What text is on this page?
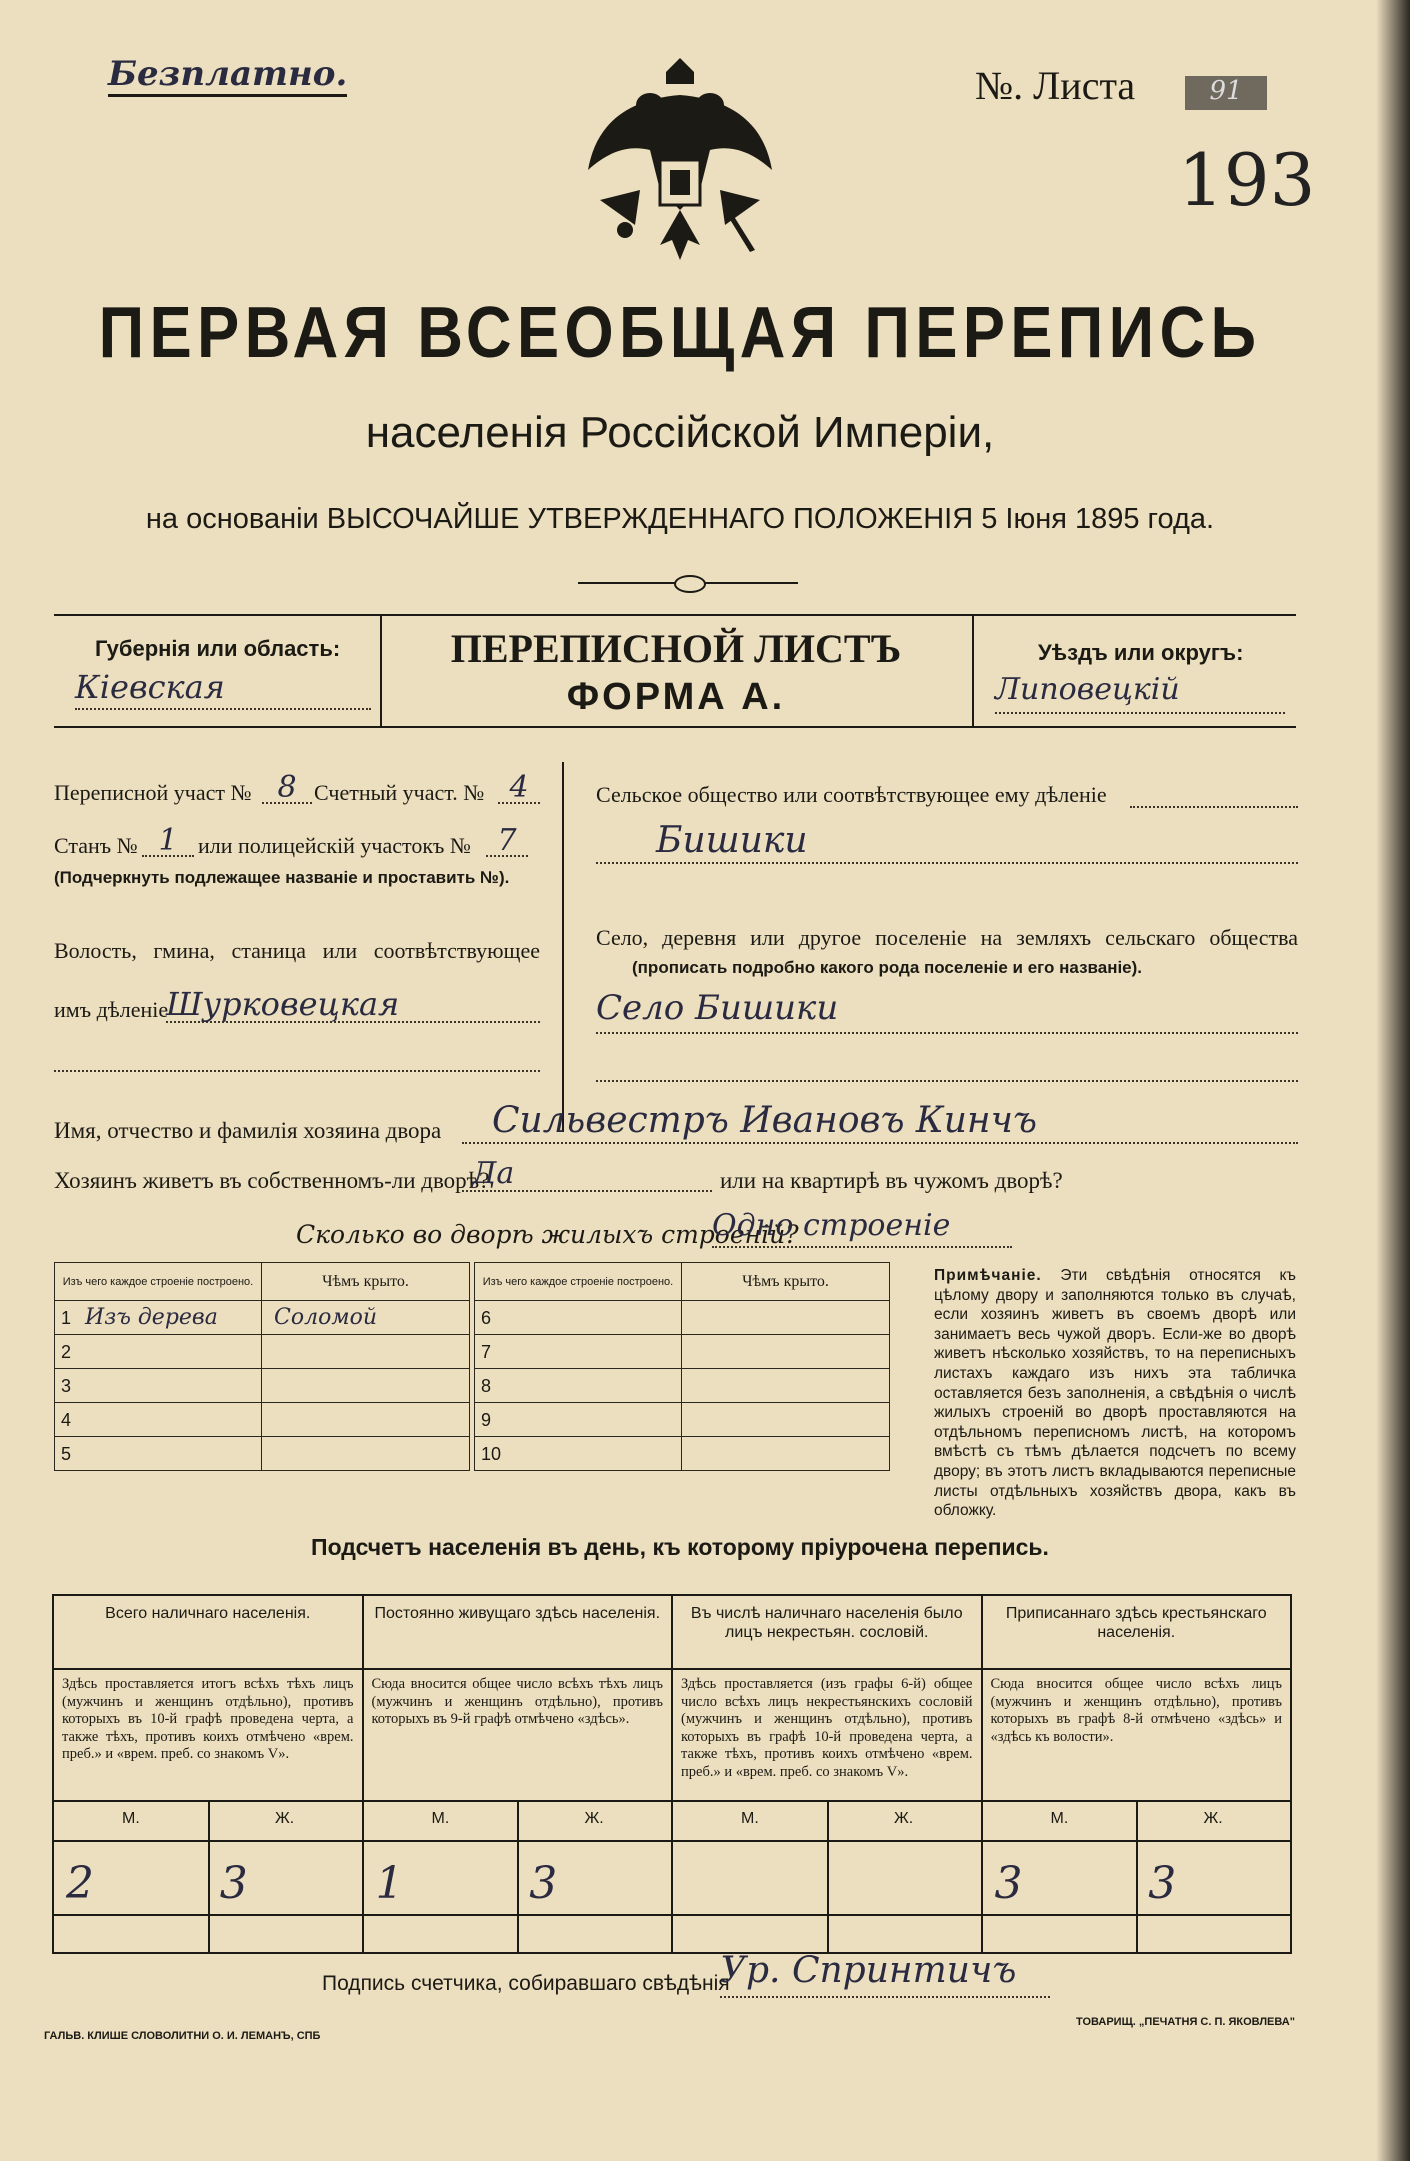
Безплатно.	№. Листа	91
193
ПЕРВАЯ ВСЕОБЩАЯ ПЕРЕПИСЬ
населенія Россійской Имперіи,
на основаніи ВЫСОЧАЙШЕ УТВЕРЖДЕННАГО ПОЛОЖЕНІЯ 5 Іюня 1895 года.
Губернія или область:
Кіевская
ПЕРЕПИСНОЙ ЛИСТЪ
ФОРМА А.
Уѣздъ или округъ:
Липовецкій
Переписной участ № 8 Счетный участ. № 4
Станъ № 1 или полицейскій участокъ № 7
(Подчеркнуть подлежащее названіе и проставить №).
Волость, гмина, станица или соотвѣтствующее
имъ дѣленіе
Шурковецкая
Сельское общество или соотвѣтствующее ему дѣленіе
Бишики
Село, деревня или другое поселеніе на земляхъ сельскаго общества
(прописать подробно какого рода поселеніе и его названіе).
Село Бишики
Имя, отчество и фамилія хозяина двора	Сильвестръ Ивановъ Кинчъ
Хозяинъ живетъ въ собственномъ-ли дворѣ?
Да	или на квартирѣ въ чужомъ дворѣ?
Сколько во дворѣ жилыхъ строеній?
Одно строеніе
Изъ чего каждое строеніе построено.	Чѣмъ крыто.
1 Изъ дерева	Соломой
2	
3	
4	
5	
Изъ чего каждое строеніе построено.	Чѣмъ крыто.
6	
7	
8	
9	
10	
Примѣчаніе. Эти свѣдѣнія относятся къ цѣлому двору и заполняются только въ случаѣ, если хозяинъ живетъ въ своемъ дворѣ или занимаетъ весь чужой дворъ. Если-же во дворѣ живетъ нѣсколько хозяйствъ, то на переписныхъ листахъ каждаго изъ нихъ эта табличка оставляется безъ заполненія, а свѣдѣнія о числѣ жилыхъ строеній во дворѣ проставляются на отдѣльномъ переписномъ листѣ, на которомъ вмѣстѣ съ тѣмъ дѣлается подсчетъ по всему двору; въ этотъ листъ вкладываются переписные листы отдѣльныхъ хозяйствъ двора, какъ въ обложку.
Подсчетъ населенія въ день, къ которому пріурочена перепись.
Всего наличнаго населенія.
Здѣсь проставляется итогъ всѣхъ тѣхъ лицъ (мужчинъ и женщинъ отдѣльно), противъ которыхъ въ 10-й графѣ проведена черта, а также тѣхъ, противъ коихъ отмѣчено «врем. преб.» и «врем. преб. со знакомъ V».
М.	Ж.
2	3
Постоянно живущаго здѣсь населенія.
Сюда вносится общее число всѣхъ тѣхъ лицъ (мужчинъ и женщинъ отдѣльно), противъ которыхъ въ 9-й графѣ отмѣчено «здѣсь».
М.	Ж.
1	3
Въ числѣ наличнаго населенія было лицъ некрестьян. сословій.
Здѣсь проставляется (изъ графы 6-й) общее число всѣхъ лицъ некрестьянскихъ сословій (мужчинъ и женщинъ отдѣльно), противъ которыхъ въ графѣ 10-й проведена черта, а также тѣхъ, противъ коихъ отмѣчено «врем. преб.» и «врем. преб. со знакомъ V».
М.	Ж.
Приписаннаго здѣсь крестьянскаго населенія.
Сюда вносится общее число всѣхъ лицъ (мужчинъ и женщинъ отдѣльно), противъ которыхъ въ графѣ 8-й отмѣчено «здѣсь» и «здѣсь къ волости».
М.	Ж.
3	3
Подпись счетчика, собиравшаго свѣдѣнія
Ур. Спринтичъ
ГАЛЬВ. КЛИШЕ СЛОВОЛИТНИ О. И. ЛЕМАНЪ, СПБ
ТОВАРИЩ. „ПЕЧАТНЯ С. П. ЯКОВЛЕВА"
